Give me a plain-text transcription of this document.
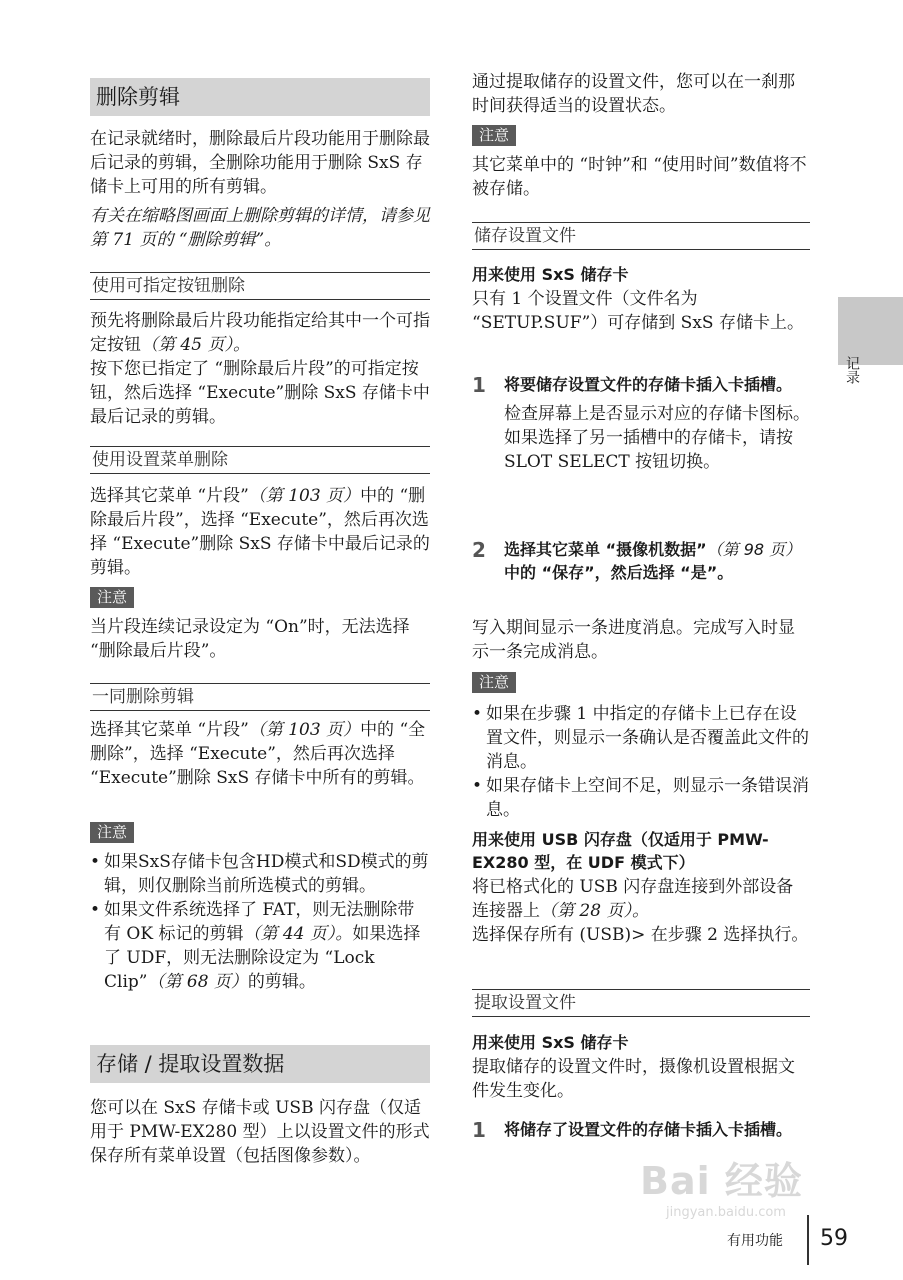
删除剪辑
在记录就绪时，删除最后片段功能用于删除最后记录的剪辑，全删除功能用于删除 SxS 存储卡上可用的所有剪辑。
有关在缩略图画面上删除剪辑的详情，请参见第 71 页的 “删除剪辑”。
使用可指定按钮删除
预先将删除最后片段功能指定给其中一个可指定按钮（第 45 页）。
按下您已指定了 “删除最后片段”的可指定按钮，然后选择 “Execute”删除 SxS 存储卡中最后记录的剪辑。
使用设置菜单删除
选择其它菜单 “片段”（第 103 页）中的 “删除最后片段”，选择 “Execute”，然后再次选择 “Execute”删除 SxS 存储卡中最后记录的剪辑。
注意
当片段连续记录设定为 “On”时，无法选择 “删除最后片段”。
一同删除剪辑
选择其它菜单 “片段”（第 103 页）中的 “全删除”，选择 “Execute”，然后再次选择 “Execute”删除 SxS 存储卡中所有的剪辑。
注意
• 如果SxS存储卡包含HD模式和SD模式的剪辑，则仅删除当前所选模式的剪辑。
• 如果文件系统选择了 FAT，则无法删除带有 OK 标记的剪辑（第 44 页）。如果选择了 UDF，则无法删除设定为 “Lock Clip”（第 68 页）的剪辑。
存储 / 提取设置数据
您可以在 SxS 存储卡或 USB 闪存盘（仅适用于 PMW-EX280 型）上以设置文件的形式保存所有菜单设置（包括图像参数）。
通过提取储存的设置文件，您可以在一刹那时间获得适当的设置状态。
注意
其它菜单中的 “时钟”和 “使用时间”数值将不被存储。
储存设置文件
用来使用 SxS 储存卡
只有 1 个设置文件（文件名为 “SETUP.SUF”）可存储到 SxS 存储卡上。
1 将要储存设置文件的存储卡插入卡插槽。
检查屏幕上是否显示对应的存储卡图标。如果选择了另一插槽中的存储卡，请按 SLOT SELECT 按钮切换。
2 选择其它菜单 “摄像机数据”（第 98 页）中的 “保存”，然后选择 “是”。
写入期间显示一条进度消息。完成写入时显示一条完成消息。
注意
• 如果在步骤 1 中指定的存储卡上已存在设置文件，则显示一条确认是否覆盖此文件的消息。
• 如果存储卡上空间不足，则显示一条错误消息。
用来使用 USB 闪存盘（仅适用于 PMW-EX280 型，在 UDF 模式下）
将已格式化的 USB 闪存盘连接到外部设备连接器上（第 28 页）。
选择保存所有 (USB)> 在步骤 2 选择执行。
提取设置文件
用来使用 SxS 储存卡
提取储存的设置文件时，摄像机设置根据文件发生变化。
1 将储存了设置文件的存储卡插入卡插槽。
记录
Bai 经验
jingyan.baidu.com
有用功能 59
